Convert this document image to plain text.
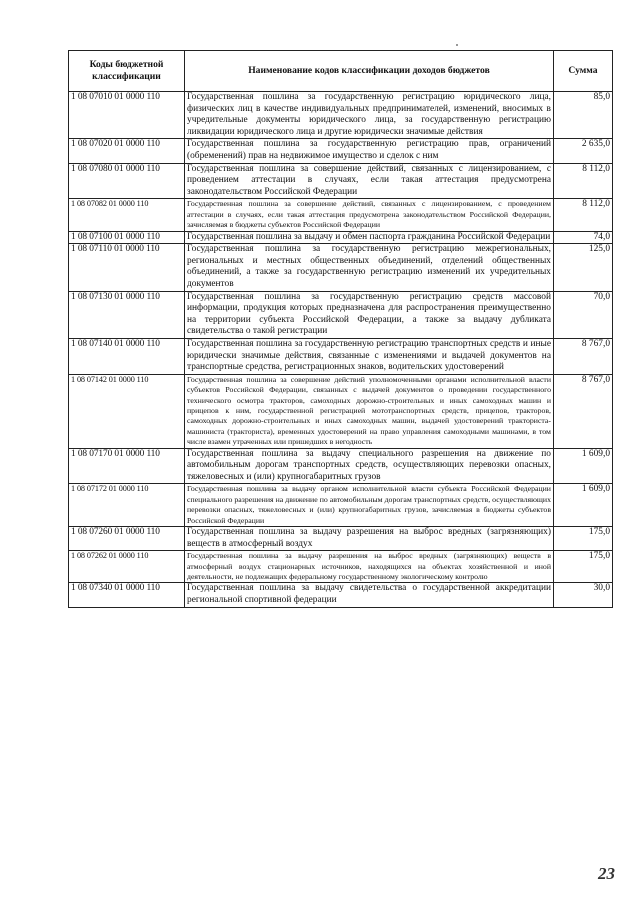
Коды бюджетной классификации	Наименование кодов классификации доходов бюджетов	Сумма
1 08 07010 01 0000 110	Государственная пошлина за государственную регистрацию юридического лица, физических лиц в качестве индивидуальных предпринимателей, изменений, вносимых в учредительные документы юридического лица, за государственную регистрацию ликвидации юридического лица и другие юридически значимые действия	85,0
1 08 07020 01 0000 110	Государственная пошлина за государственную регистрацию прав, ограничений (обременений) прав на недвижимое имущество и сделок с ним	2 635,0
1 08 07080 01 0000 110	Государственная пошлина за совершение действий, связанных с лицензированием, с проведением аттестации в случаях, если такая аттестация предусмотрена законодательством Российской Федерации	8 112,0
1 08 07082 01 0000 110	Государственная пошлина за совершение действий, связанных с лицензированием, с проведением аттестации в случаях, если такая аттестация предусмотрена законодательством Российской Федерации, зачисляемая в бюджеты субъектов Российской Федерации	8 112,0
1 08 07100 01 0000 110	Государственная пошлина за выдачу и обмен паспорта гражданина Российской Федерации	74,0
1 08 07110 01 0000 110	Государственная пошлина за государственную регистрацию межрегиональных, региональных и местных общественных объединений, отделений общественных объединений, а также за государственную регистрацию изменений их учредительных документов	125,0
1 08 07130 01 0000 110	Государственная пошлина за государственную регистрацию средств массовой информации, продукция которых предназначена для распространения преимущественно на территории субъекта Российской Федерации, а также за выдачу дубликата свидетельства о такой регистрации	70,0
1 08 07140 01 0000 110	Государственная пошлина за государственную регистрацию транспортных средств и иные юридически значимые действия, связанные с изменениями и выдачей документов на транспортные средства, регистрационных знаков, водительских удостоверений	8 767,0
1 08 07142 01 0000 110	Государственная пошлина за совершение действий уполномоченными органами исполнительной власти субъектов Российской Федерации, связанных с выдачей документов о проведении государственного технического осмотра тракторов, самоходных дорожно-строительных и иных самоходных машин и прицепов к ним, государственной регистрацией мототранспортных средств, прицепов, тракторов, самоходных дорожно-строительных и иных самоходных машин, выдачей удостоверений тракториста-машиниста (тракториста), временных удостоверений на право управления самоходными машинами, в том числе взамен утраченных или пришедших в негодность	8 767,0
1 08 07170 01 0000 110	Государственная пошлина за выдачу специального разрешения на движение по автомобильным дорогам транспортных средств, осуществляющих перевозки опасных, тяжеловесных и (или) крупногабаритных грузов	1 609,0
1 08 07172 01 0000 110	Государственная пошлина за выдачу органом исполнительной власти субъекта Российской Федерации специального разрешения на движение по автомобильным дорогам транспортных средств, осуществляющих перевозки опасных, тяжеловесных и (или) крупногабаритных грузов, зачисляемая в бюджеты субъектов Российской Федерации	1 609,0
1 08 07260 01 0000 110	Государственная пошлина за выдачу разрешения на выброс вредных (загрязняющих) веществ в атмосферный воздух	175,0
1 08 07262 01 0000 110	Государственная пошлина за выдачу разрешения на выброс вредных (загрязняющих) веществ в атмосферный воздух стационарных источников, находящихся на объектах хозяйственной и иной деятельности, не подлежащих федеральному государственному экологическому контролю	175,0
1 08 07340 01 0000 110	Государственная пошлина за выдачу свидетельства о государственной аккредитации региональной спортивной федерации	30,0
23
